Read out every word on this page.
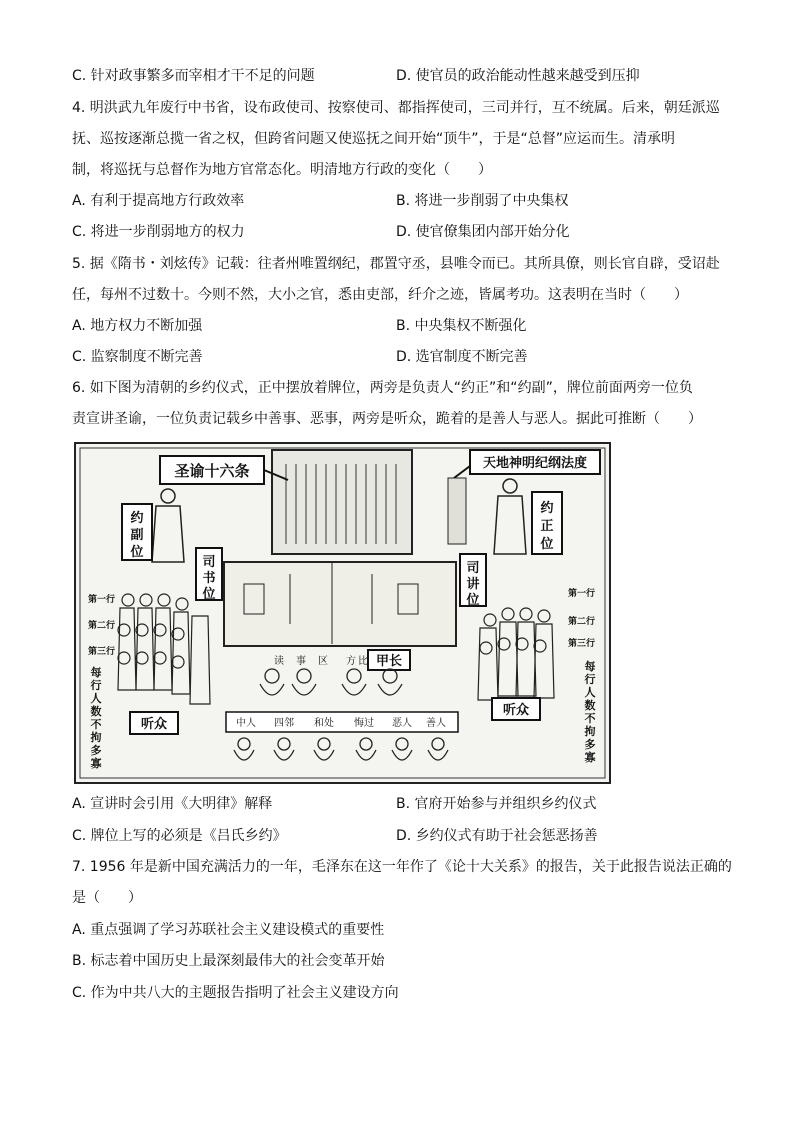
C. 针对政事繁多而宰相才干不足的问题	D. 使官员的政治能动性越来越受到压抑
4. 明洪武九年废行中书省，设布政使司、按察使司、都指挥使司，三司并行，互不统属。后来，朝廷派巡
抚、巡按逐渐总揽一省之权，但跨省问题又使巡抚之间开始“顶牛”，于是“总督”应运而生。清承明
制，将巡抚与总督作为地方官常态化。明清地方行政的变化（　　）
A. 有利于提高地方行政效率	B. 将进一步削弱了中央集权
C. 将进一步削弱地方的权力	D. 使官僚集团内部开始分化
5. 据《隋书・刘炫传》记载：往者州唯置纲纪，郡置守丞，县唯令而已。其所具僚，则长官自辟，受诏赴
任，每州不过数十。今则不然，大小之官，悉由吏部，纤介之迹，皆属考功。这表明在当时（　　）
A. 地方权力不断加强	B. 中央集权不断强化
C. 监察制度不断完善	D. 选官制度不断完善
6. 如下图为清朝的乡约仪式，正中摆放着牌位，两旁是负责人“约正”和“约副”，牌位前面两旁一位负
责宣讲圣谕，一位负责记载乡中善事、恶事，两旁是听众，跪着的是善人与恶人。据此可推断（　　）
圣谕十六条	天地神明纪纲法度
约副位
约正位
司书位
司讲位
甲长
读 事 区 方 比
中人 四邻 和处 悔过 恶人 善人
第一行
第二行
第三行
第一行
第二行
第三行
每行人数不拘多寡
每行人数不拘多寡
听众
听众
A. 宣讲时会引用《大明律》解释	B. 官府开始参与并组织乡约仪式
C. 牌位上写的必须是《吕氏乡约》	D. 乡约仪式有助于社会惩恶扬善
7. 1956 年是新中国充满活力的一年，毛泽东在这一年作了《论十大关系》的报告，关于此报告说法正确的
是（　　）
A. 重点强调了学习苏联社会主义建设模式的重要性
B. 标志着中国历史上最深刻最伟大的社会变革开始
C. 作为中共八大的主题报告指明了社会主义建设方向
